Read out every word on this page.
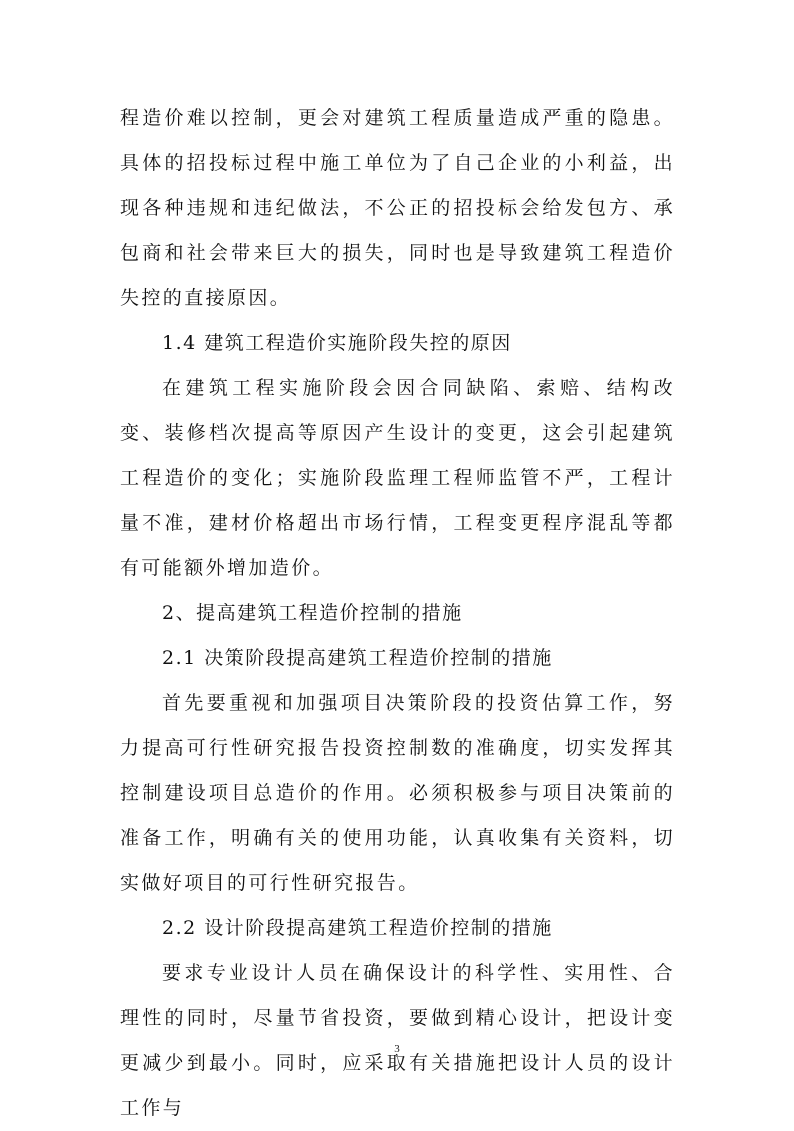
程造价难以控制，更会对建筑工程质量造成严重的隐患。具体的招投标过程中施工单位为了自己企业的小利益，出现各种违规和违纪做法，不公正的招投标会给发包方、承包商和社会带来巨大的损失，同时也是导致建筑工程造价失控的直接原因。

1.4 建筑工程造价实施阶段失控的原因

在建筑工程实施阶段会因合同缺陷、索赔、结构改变、装修档次提高等原因产生设计的变更，这会引起建筑工程造价的变化；实施阶段监理工程师监管不严，工程计量不准，建材价格超出市场行情，工程变更程序混乱等都有可能额外增加造价。

2、提高建筑工程造价控制的措施

2.1 决策阶段提高建筑工程造价控制的措施

首先要重视和加强项目决策阶段的投资估算工作，努力提高可行性研究报告投资控制数的准确度，切实发挥其控制建设项目总造价的作用。必须积极参与项目决策前的准备工作，明确有关的使用功能，认真收集有关资料，切实做好项目的可行性研究报告。

2.2 设计阶段提高建筑工程造价控制的措施

要求专业设计人员在确保设计的科学性、实用性、合理性的同时，尽量节省投资，要做到精心设计，把设计变更减少到最小。同时，应采取有关措施把设计人员的设计工作与

3
